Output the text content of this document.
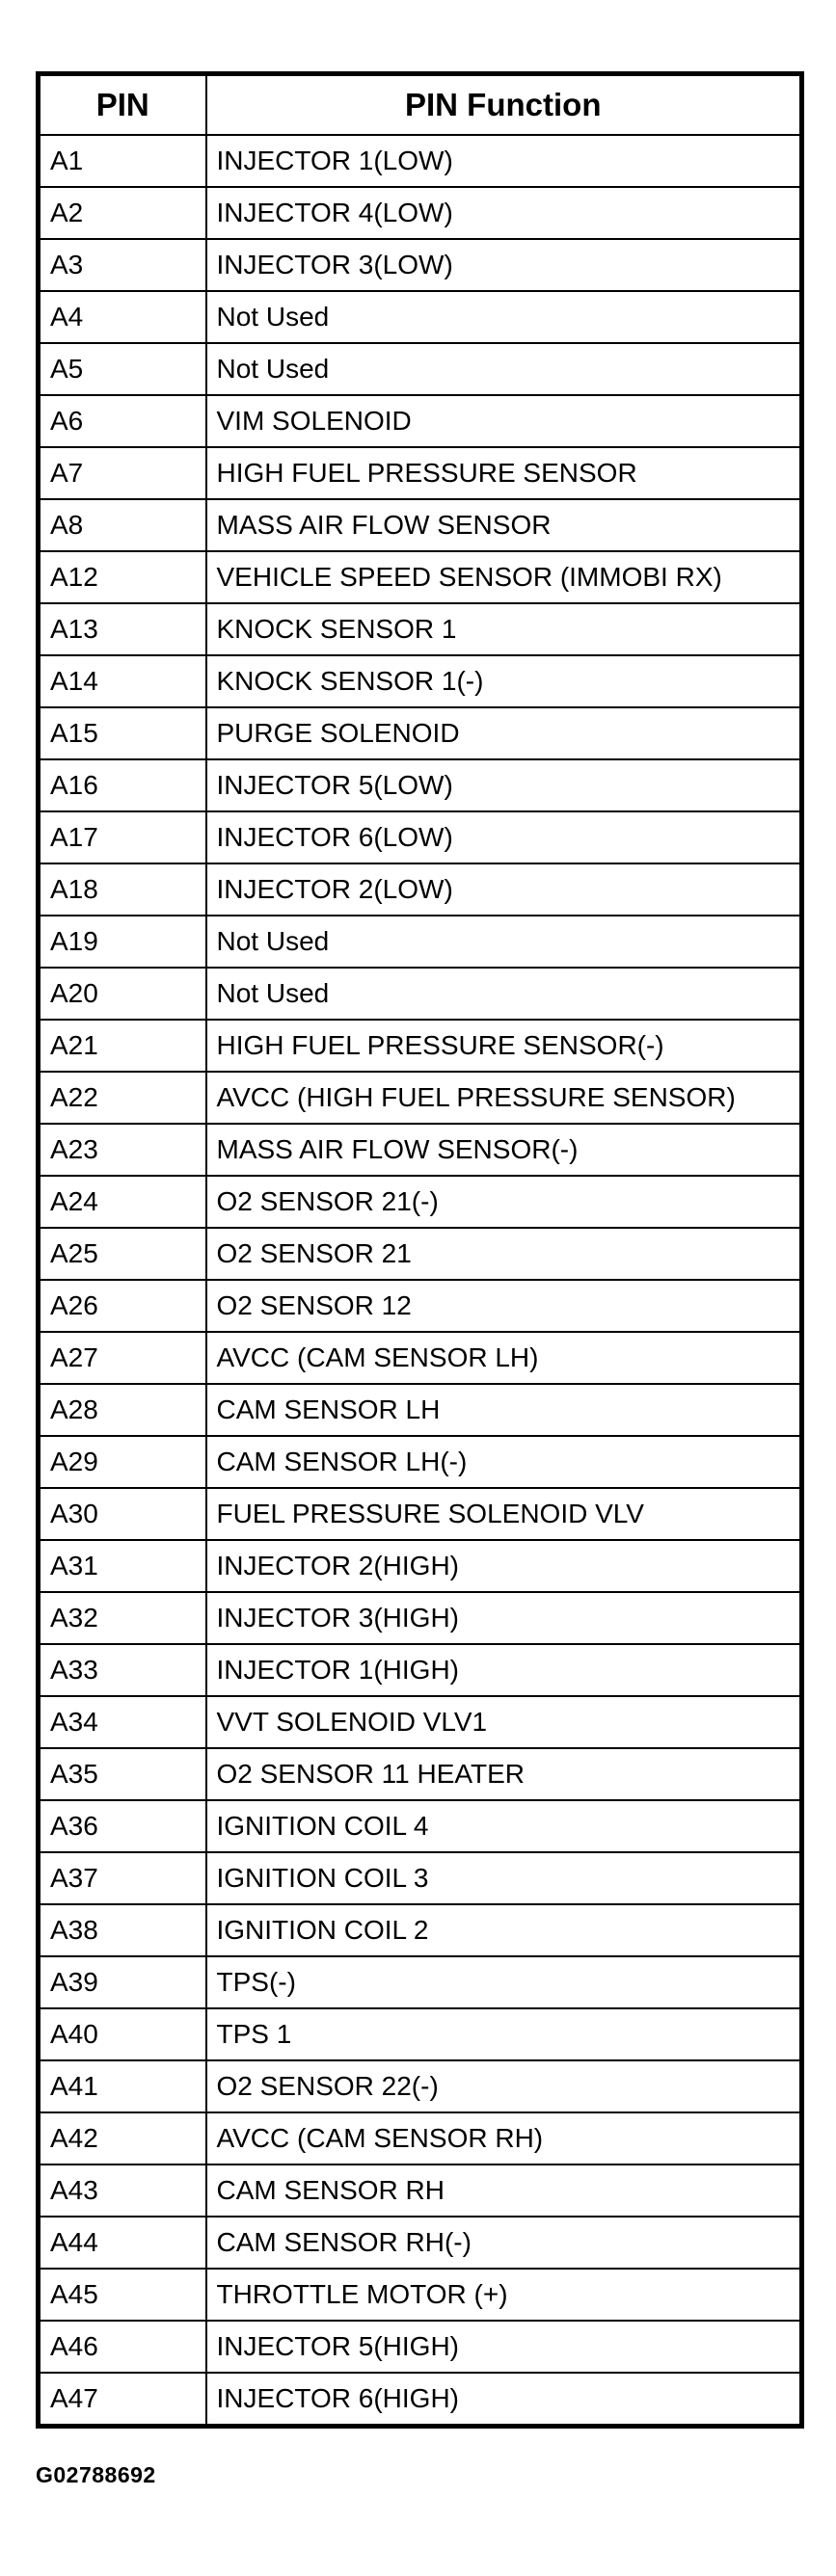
PIN	PIN Function
A1	INJECTOR 1(LOW)
A2	INJECTOR 4(LOW)
A3	INJECTOR 3(LOW)
A4	Not Used
A5	Not Used
A6	VIM SOLENOID
A7	HIGH FUEL PRESSURE SENSOR
A8	MASS AIR FLOW SENSOR
A12	VEHICLE SPEED SENSOR (IMMOBI RX)
A13	KNOCK SENSOR 1
A14	KNOCK SENSOR 1(-)
A15	PURGE SOLENOID
A16	INJECTOR 5(LOW)
A17	INJECTOR 6(LOW)
A18	INJECTOR 2(LOW)
A19	Not Used
A20	Not Used
A21	HIGH FUEL PRESSURE SENSOR(-)
A22	AVCC (HIGH FUEL PRESSURE SENSOR)
A23	MASS AIR FLOW SENSOR(-)
A24	O2 SENSOR 21(-)
A25	O2 SENSOR 21
A26	O2 SENSOR 12
A27	AVCC (CAM SENSOR LH)
A28	CAM SENSOR LH
A29	CAM SENSOR LH(-)
A30	FUEL PRESSURE SOLENOID VLV
A31	INJECTOR 2(HIGH)
A32	INJECTOR 3(HIGH)
A33	INJECTOR 1(HIGH)
A34	VVT SOLENOID VLV1
A35	O2 SENSOR 11 HEATER
A36	IGNITION COIL 4
A37	IGNITION COIL 3
A38	IGNITION COIL 2
A39	TPS(-)
A40	TPS 1
A41	O2 SENSOR 22(-)
A42	AVCC (CAM SENSOR RH)
A43	CAM SENSOR RH
A44	CAM SENSOR RH(-)
A45	THROTTLE MOTOR (+)
A46	INJECTOR 5(HIGH)
A47	INJECTOR 6(HIGH)
G02788692
